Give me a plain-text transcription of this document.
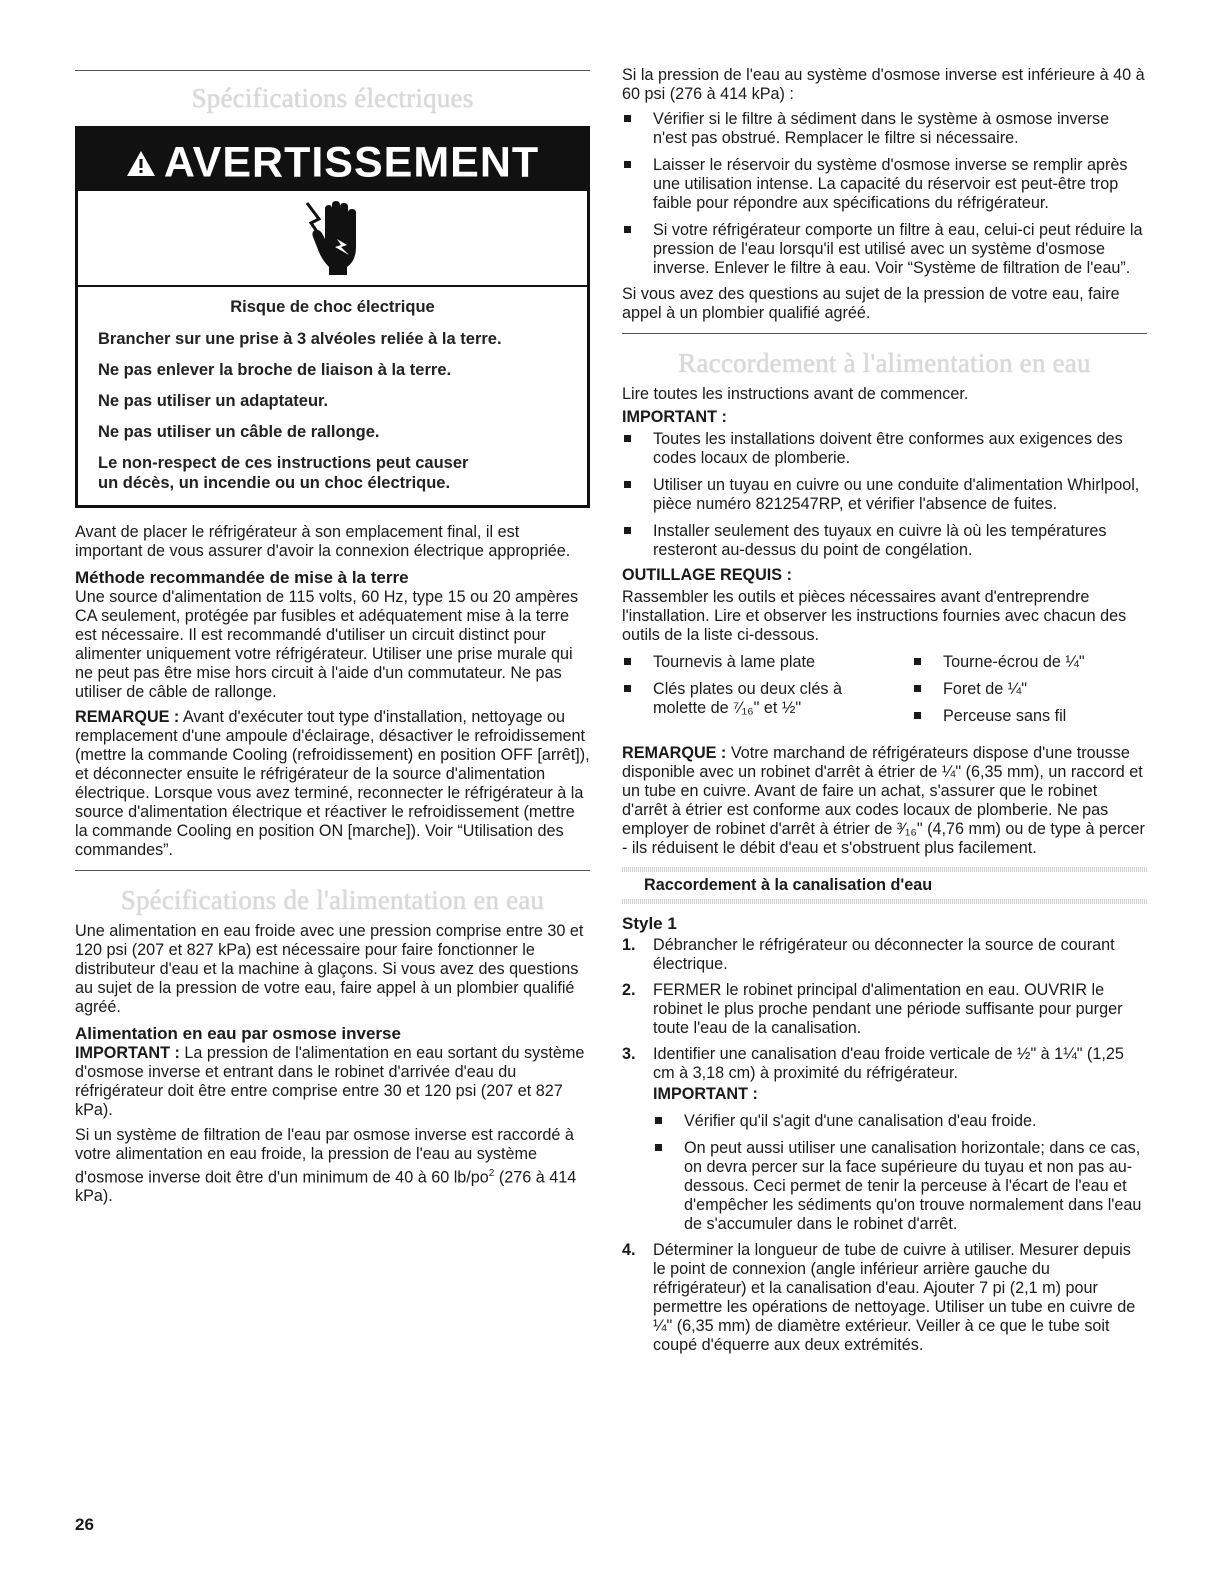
Spécifications électriques
AVERTISSEMENT

Risque de choc électrique

Brancher sur une prise à 3 alvéoles reliée à la terre.

Ne pas enlever la broche de liaison à la terre.

Ne pas utiliser un adaptateur.

Ne pas utiliser un câble de rallonge.

Le non-respect de ces instructions peut causer

un décès, un incendie ou un choc électrique.

Avant de placer le réfrigérateur à son emplacement final, il est important de vous assurer d'avoir la connexion électrique appropriée.

Méthode recommandée de mise à la terre

Une source d'alimentation de 115 volts, 60 Hz, type 15 ou 20 ampères CA seulement, protégée par fusibles et adéquatement mise à la terre est nécessaire. Il est recommandé d'utiliser un circuit distinct pour alimenter uniquement votre réfrigérateur. Utiliser une prise murale qui ne peut pas être mise hors circuit à l'aide d'un commutateur. Ne pas utiliser de câble de rallonge.

REMARQUE : Avant d'exécuter tout type d'installation, nettoyage ou remplacement d'une ampoule d'éclairage, désactiver le refroidissement (mettre la commande Cooling (refroidissement) en position OFF [arrêt]), et déconnecter ensuite le réfrigérateur de la source d'alimentation électrique. Lorsque vous avez terminé, reconnecter le réfrigérateur à la source d'alimentation électrique et réactiver le refroidissement (mettre la commande Cooling en position ON [marche]). Voir “Utilisation des commandes”.

Spécifications de l'alimentation en eau

Une alimentation en eau froide avec une pression comprise entre 30 et 120 psi (207 et 827 kPa) est nécessaire pour faire fonctionner le distributeur d'eau et la machine à glaçons. Si vous avez des questions au sujet de la pression de votre eau, faire appel à un plombier qualifié agréé.

Alimentation en eau par osmose inverse

IMPORTANT : La pression de l'alimentation en eau sortant du système d'osmose inverse et entrant dans le robinet d'arrivée d'eau du réfrigérateur doit être entre comprise entre 30 et 120 psi (207 et 827 kPa).

Si un système de filtration de l'eau par osmose inverse est raccordé à votre alimentation en eau froide, la pression de l'eau au système d'osmose inverse doit être d'un minimum de 40 à 60 $lb/po^2$ (276 à 414 kPa).

Si la pression de l'eau au système d'osmose inverse est inférieure à 40 à 60 psi (276 à 414 kPa) :

Vérifier si le filtre à sédiment dans le système à osmose inverse n'est pas obstrué. Remplacer le filtre si nécessaire.
Laisser le réservoir du système d'osmose inverse se remplir après une utilisation intense. La capacité du réservoir est peut-être trop faible pour répondre aux spécifications du réfrigérateur.
Si votre réfrigérateur comporte un filtre à eau, celui-ci peut réduire la pression de l'eau lorsqu'il est utilisé avec un système d'osmose inverse. Enlever le filtre à eau. Voir “Système de filtration de l'eau”.

Si vous avez des questions au sujet de la pression de votre eau, faire appel à un plombier qualifié agréé.

Raccordement à l'alimentation en eau

Lire toutes les instructions avant de commencer.

IMPORTANT :

Toutes les installations doivent être conformes aux exigences des codes locaux de plomberie.
Utiliser un tuyau en cuivre ou une conduite d'alimentation Whirlpool, pièce numéro 8212547RP, et vérifier l'absence de fuites.
Installer seulement des tuyaux en cuivre là où les températures resteront au-dessus du point de congélation.

OUTILLAGE REQUIS :

Rassembler les outils et pièces nécessaires avant d'entreprendre l'installation. Lire et observer les instructions fournies avec chacun des outils de la liste ci-dessous.

Tournevis à lame plate
Clés plates ou deux clés à molette de ⁷⁄₁₆" et ½"
Tourne-écrou de ¼"
Foret de ¼"
Perceuse sans fil

REMARQUE : Votre marchand de réfrigérateurs dispose d'une trousse disponible avec un robinet d'arrêt à étrier de ¼" (6,35 mm), un raccord et un tube en cuivre. Avant de faire un achat, s'assurer que le robinet d'arrêt à étrier est conforme aux codes locaux de plomberie. Ne pas employer de robinet d'arrêt à étrier de ³⁄₁₆" (4,76 mm) ou de type à percer - ils réduisent le débit d'eau et s'obstruent plus facilement.

Raccordement à la canalisation d'eau

Style 1

1. Débrancher le réfrigérateur ou déconnecter la source de courant électrique.
2. FERMER le robinet principal d'alimentation en eau. OUVRIR le robinet le plus proche pendant une période suffisante pour purger toute l'eau de la canalisation.
3. Identifier une canalisation d'eau froide verticale de ½" à 1¼" (1,25 cm à 3,18 cm) à proximité du réfrigérateur.
IMPORTANT :
Vérifier qu'il s'agit d'une canalisation d'eau froide.
On peut aussi utiliser une canalisation horizontale; dans ce cas, on devra percer sur la face supérieure du tuyau et non pas au-dessous. Ceci permet de tenir la perceuse à l'écart de l'eau et d'empêcher les sédiments qu'on trouve normalement dans l'eau de s'accumuler dans le robinet d'arrêt.
4. Déterminer la longueur de tube de cuivre à utiliser. Mesurer depuis le point de connexion (angle inférieur arrière gauche du réfrigérateur) et la canalisation d'eau. Ajouter 7 pi (2,1 m) pour permettre les opérations de nettoyage. Utiliser un tube en cuivre de ¼" (6,35 mm) de diamètre extérieur. Veiller à ce que le tube soit coupé d'équerre aux deux extrémités.
26
